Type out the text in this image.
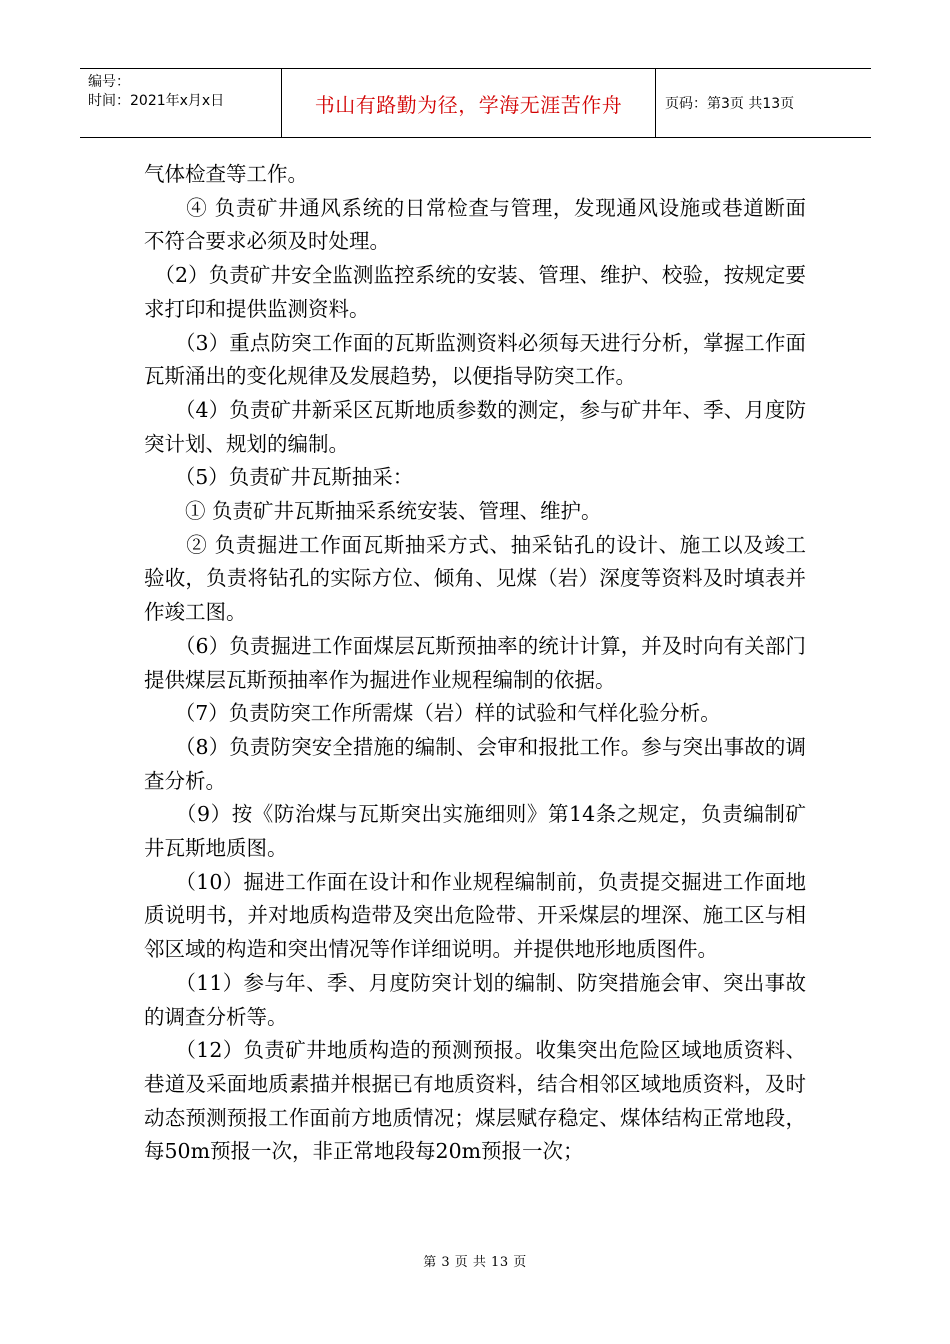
编号：
时间：2021年x月x日	书山有路勤为径，学海无涯苦作舟	页码：第3页 共13页

气体检查等工作。

　　④ 负责矿井通风系统的日常检查与管理，发现通风设施或巷道断面不符合要求必须及时处理。

　（2）负责矿井安全监测监控系统的安装、管理、维护、校验，按规定要求打印和提供监测资料。

　　（3）重点防突工作面的瓦斯监测资料必须每天进行分析，掌握工作面瓦斯涌出的变化规律及发展趋势，以便指导防突工作。

　　（4）负责矿井新采区瓦斯地质参数的测定，参与矿井年、季、月度防突计划、规划的编制。

　　（5）负责矿井瓦斯抽采：

　　① 负责矿井瓦斯抽采系统安装、管理、维护。

　　② 负责掘进工作面瓦斯抽采方式、抽采钻孔的设计、施工以及竣工验收，负责将钻孔的实际方位、倾角、见煤（岩）深度等资料及时填表并作竣工图。

　　（6）负责掘进工作面煤层瓦斯预抽率的统计计算，并及时向有关部门提供煤层瓦斯预抽率作为掘进作业规程编制的依据。

　　（7）负责防突工作所需煤（岩）样的试验和气样化验分析。

　　（8）负责防突安全措施的编制、会审和报批工作。参与突出事故的调查分析。

　　（9）按《防治煤与瓦斯突出实施细则》第14条之规定，负责编制矿井瓦斯地质图。

　　（10）掘进工作面在设计和作业规程编制前，负责提交掘进工作面地质说明书，并对地质构造带及突出危险带、开采煤层的埋深、施工区与相邻区域的构造和突出情况等作详细说明。并提供地形地质图件。

　　（11）参与年、季、月度防突计划的编制、防突措施会审、突出事故的调查分析等。

　　（12）负责矿井地质构造的预测预报。收集突出危险区域地质资料、巷道及采面地质素描并根据已有地质资料，结合相邻区域地质资料，及时动态预测预报工作面前方地质情况；煤层赋存稳定、煤体结构正常地段，每50m预报一次，非正常地段每20m预报一次；

第 3 页 共 13 页
